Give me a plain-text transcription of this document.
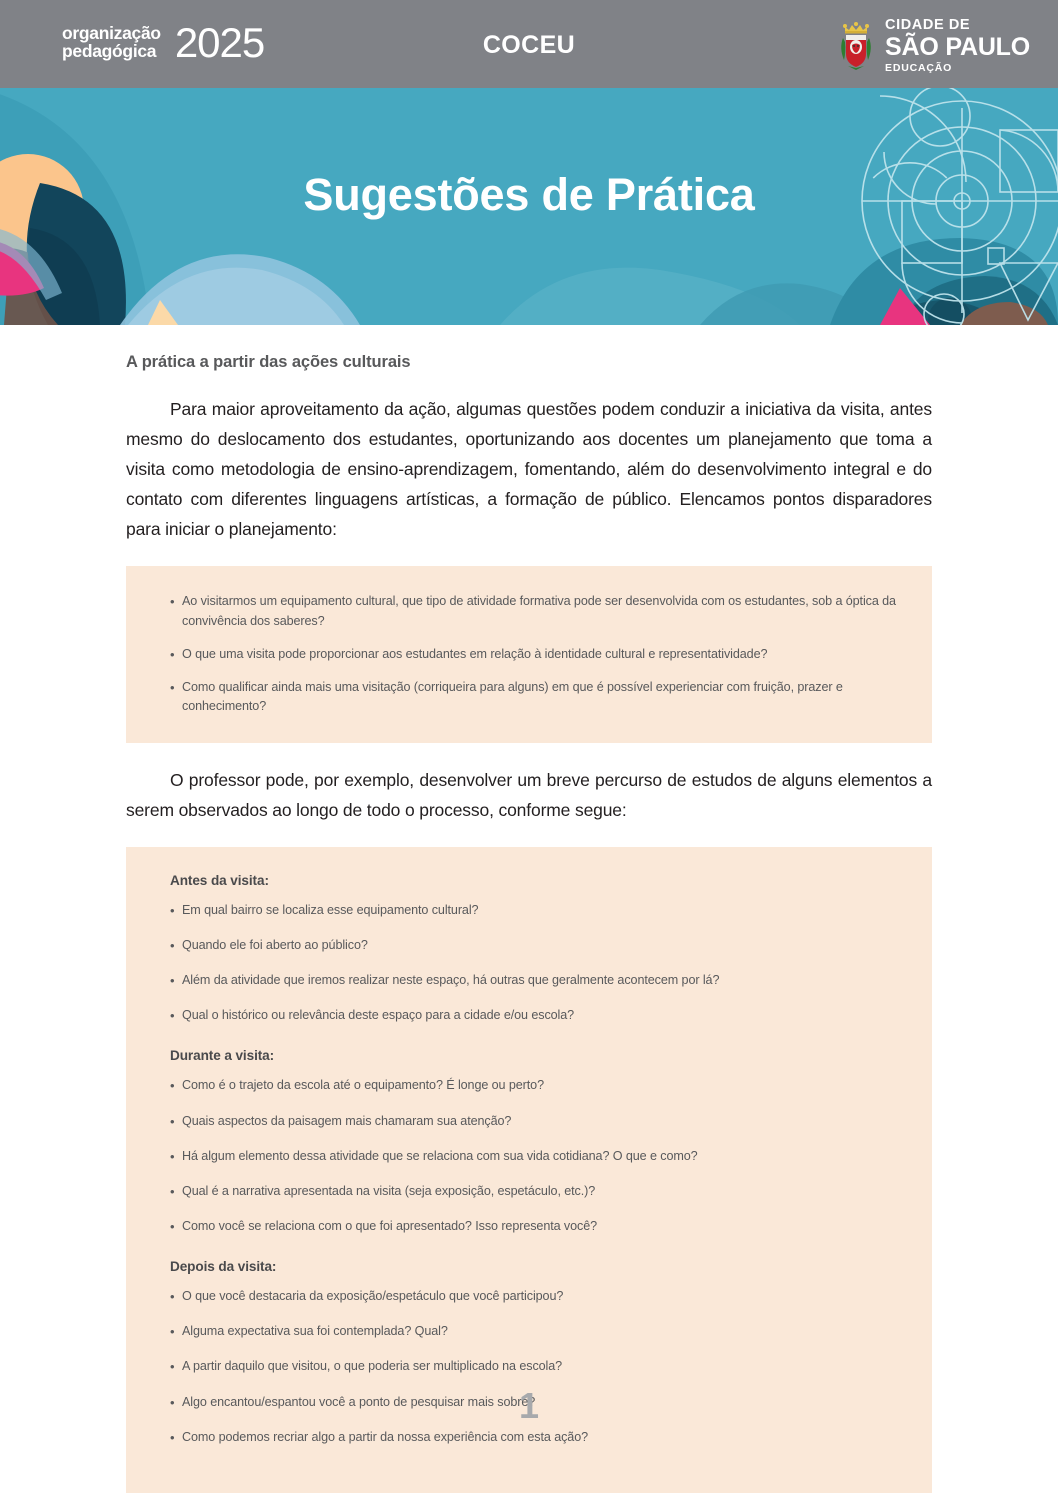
organização
pedagógica 2025	COCEU
CIDADE DE
SÃO PAULO
EDUCAÇÃO
Sugestões de Prática
A prática a partir das ações culturais
Para maior aproveitamento da ação, algumas questões podem conduzir a iniciativa da visita, antes mesmo do deslocamento dos estudantes, oportunizando aos docentes um planejamento que toma a visita como metodologia de ensino-aprendizagem, fomentando, além do desenvolvimento integral e do contato com diferentes linguagens artísticas, a formação de público. Elencamos pontos disparadores para iniciar o planejamento:
• Ao visitarmos um equipamento cultural, que tipo de atividade formativa pode ser desenvolvida com os estudantes, sob a óptica da convivência dos saberes?
• O que uma visita pode proporcionar aos estudantes em relação à identidade cultural e representatividade?
• Como qualificar ainda mais uma visitação (corriqueira para alguns) em que é possível experienciar com fruição, prazer e conhecimento?
O professor pode, por exemplo, desenvolver um breve percurso de estudos de alguns elementos a serem observados ao longo de todo o processo, conforme segue:
Antes da visita:
• Em qual bairro se localiza esse equipamento cultural?
• Quando ele foi aberto ao público?
• Além da atividade que iremos realizar neste espaço, há outras que geralmente acontecem por lá?
• Qual o histórico ou relevância deste espaço para a cidade e/ou escola?
Durante a visita:
• Como é o trajeto da escola até o equipamento? É longe ou perto?
• Quais aspectos da paisagem mais chamaram sua atenção?
• Há algum elemento dessa atividade que se relaciona com sua vida cotidiana? O que e como?
• Qual é a narrativa apresentada na visita (seja exposição, espetáculo, etc.)?
• Como você se relaciona com o que foi apresentado? Isso representa você?
Depois da visita:
• O que você destacaria da exposição/espetáculo que você participou?
• Alguma expectativa sua foi contemplada? Qual?
• A partir daquilo que visitou, o que poderia ser multiplicado na escola?
• Algo encantou/espantou você a ponto de pesquisar mais sobre?
• Como podemos recriar algo a partir da nossa experiência com esta ação?
1
